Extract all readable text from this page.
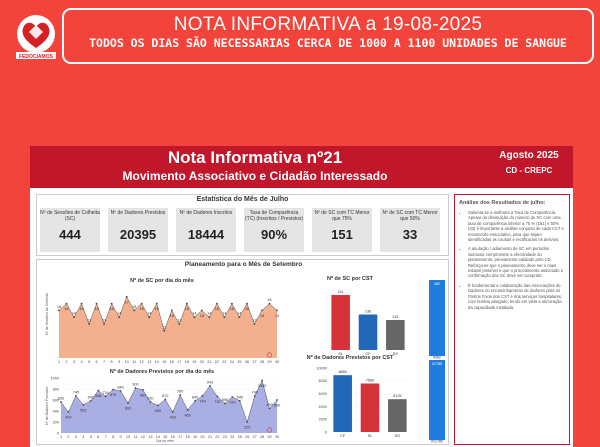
FEDOCIAMOS
NOTA INFORMATIVA a 19-08-2025
TODOS OS DIAS SÃO NECESSARIAS CERCA DE 1000 A 1100 UNIDADES DE SANGUE
Nota Informativa nº21
Movimento Associativo e Cidadão Interessado
Agosto 2025
CD - CREPC
Estatística do Mês de Julho
Nº de Sessões de Colheita (SC)
444
Nº de Dadores Previstos
20395
Nº de Dadores Inscritos
18444
Taxa de Comparência (TC) (Inscritos / Previstos)
90%
Nº de SC com TC Menor que 75%
151
Nº de SC com TC Menor que 50%
33
Planeamento para o Mês de Setembro
Nº de SC por dia do mês
Nº de Sessões de Colheita
Nº de Dadores Previstos por dia do mês
Nº de Dadores Previstos
Dia do mês
Nº de SC por CST
Nº de Dadores Previstos por CST
15
1
16
2
14
3
16
4
13
5
16
6
13
7
16
8
14
9
17
10
15
11
16
12
14
13
16
14
12
15
15
16
13
17
16
18
14
19
15
20
14
21
16
22
14
23
16
24
14
25
16
26
13
27
15
28
16
29
15
30
1000
800
600
400
200
0
620
1
420
2
745
3
563
4
642
5
848
6
734
7
870
8
840
9
602
10
900
11
863
12
620
13
550
14
672
15
420
16
760
17
463
18
640
19
744
20
943
21
730
22
590
23
720
24
645
25
220
26
740
27
1050
28
490
29
660
30
211
SL
136
CF
115
SG
10000
8000
6000
4000
2000
0
8880
CF
7580
SL
5125
SG
462
#462
21785
#21785
Análise dos Resultados de julho:
• Salienta-se a melhoria a Taxa de Comparência. Apesar da diminuição do número de SC com uma taxa de comparência inferior a 75 % (151) e 50% (33) é importante a análise conjunta de cada CST e movimento Associativo, para que sejam identificadas as causas e rectificados os desvios;
• A anulação / adiamento de SC em períodos sazonais compromete a efectividade do planeamento, previamente validado pelo CD. Reforça-se que o planeamento deve ser o mais estável possível e que o procedimento associado à confirmação das SC deve ser cumprido;
• É fundamental a colaboração das Associações de Dadores no encaminhamento de dadores para os Postos Fixos dos CST e dos serviços hospitalares, com horário alargado, tendo em vista a otimização da capacidade instalada.
